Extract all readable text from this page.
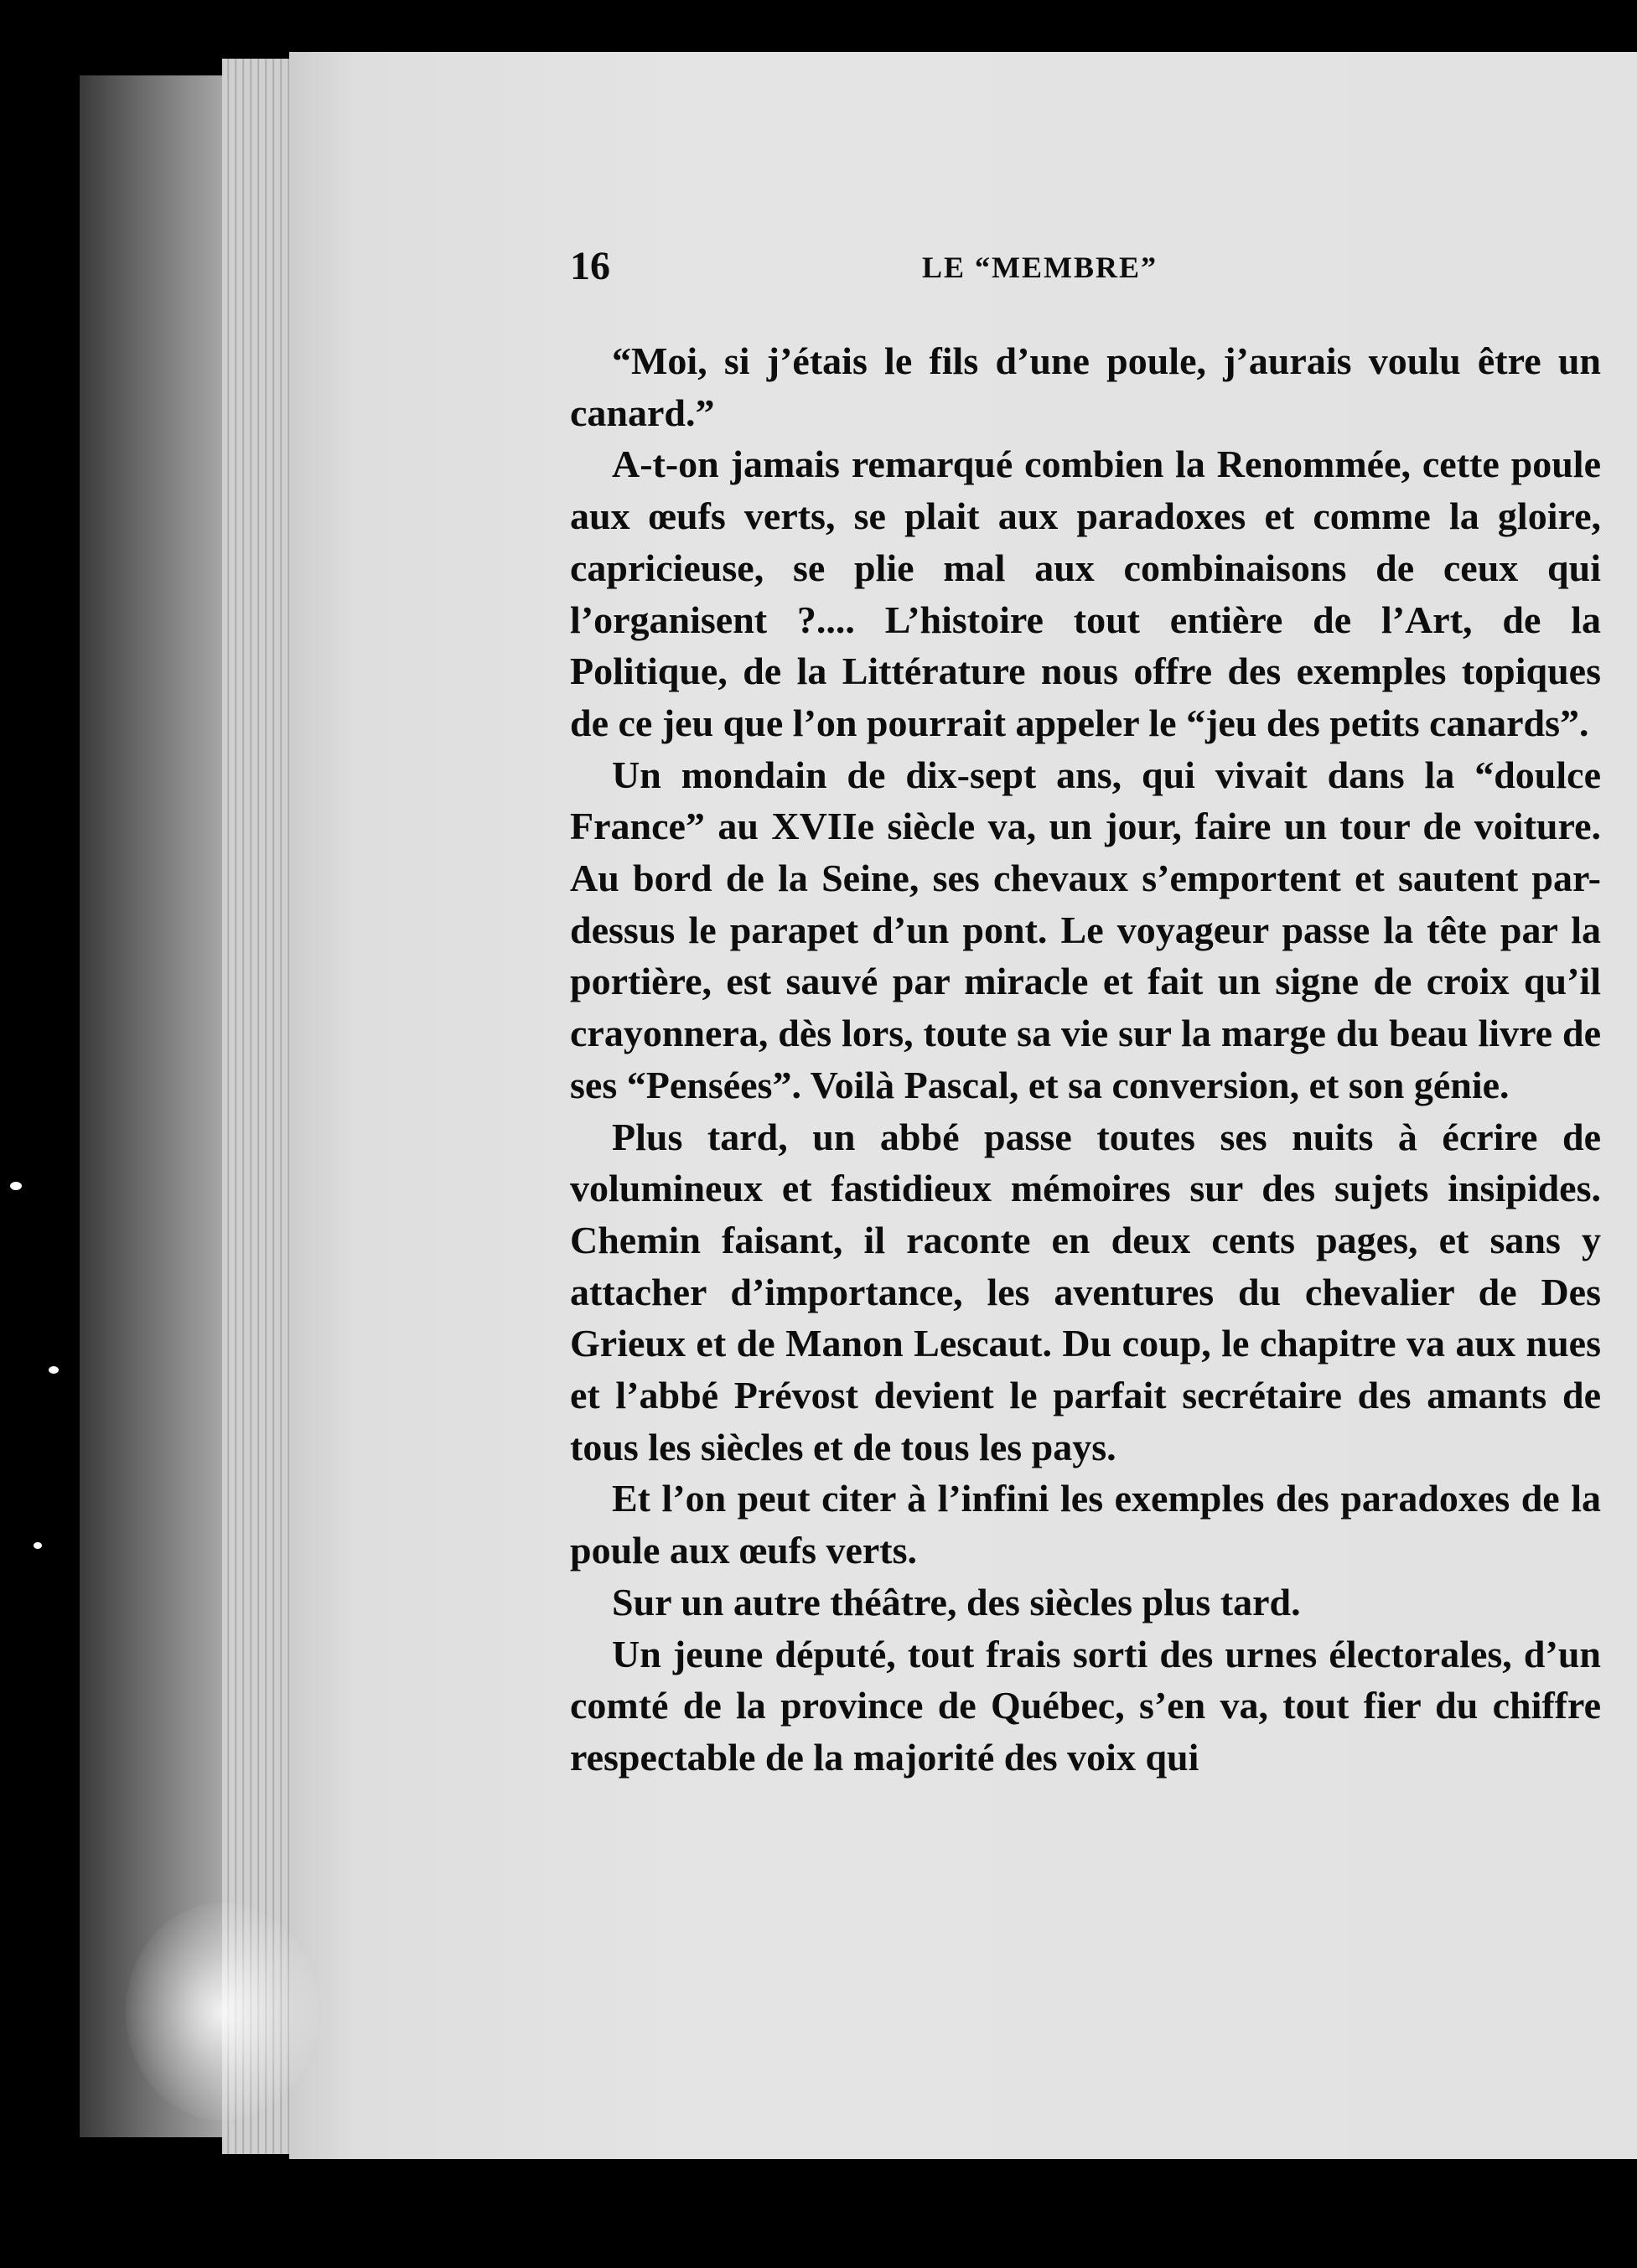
16	LE “MEMBRE”

“Moi, si j’étais le fils d’une poule, j’aurais voulu être un canard.”

A-t-on jamais remarqué combien la Renommée, cette poule aux œufs verts, se plait aux paradoxes et comme la gloire, capricieuse, se plie mal aux combinaisons de ceux qui l’organisent ?.... L’histoire tout entière de l’Art, de la Politique, de la Littérature nous offre des exemples topiques de ce jeu que l’on pourrait appeler le “jeu des petits canards”.

Un mondain de dix-sept ans, qui vivait dans la “doulce France” au XVIIe siècle va, un jour, faire un tour de voiture. Au bord de la Seine, ses chevaux s’emportent et sautent par-dessus le parapet d’un pont. Le voyageur passe la tête par la portière, est sauvé par miracle et fait un signe de croix qu’il crayonnera, dès lors, toute sa vie sur la marge du beau livre de ses “Pensées”. Voilà Pascal, et sa conversion, et son génie.

Plus tard, un abbé passe toutes ses nuits à écrire de volumineux et fastidieux mémoires sur des sujets insipides. Chemin faisant, il raconte en deux cents pages, et sans y attacher d’importance, les aventures du chevalier de Des Grieux et de Manon Lescaut. Du coup, le chapitre va aux nues et l’abbé Prévost devient le parfait secrétaire des amants de tous les siècles et de tous les pays.

Et l’on peut citer à l’infini les exemples des paradoxes de la poule aux œufs verts.

Sur un autre théâtre, des siècles plus tard.

Un jeune député, tout frais sorti des urnes électorales, d’un comté de la province de Québec, s’en va, tout fier du chiffre respectable de la majorité des voix qui
